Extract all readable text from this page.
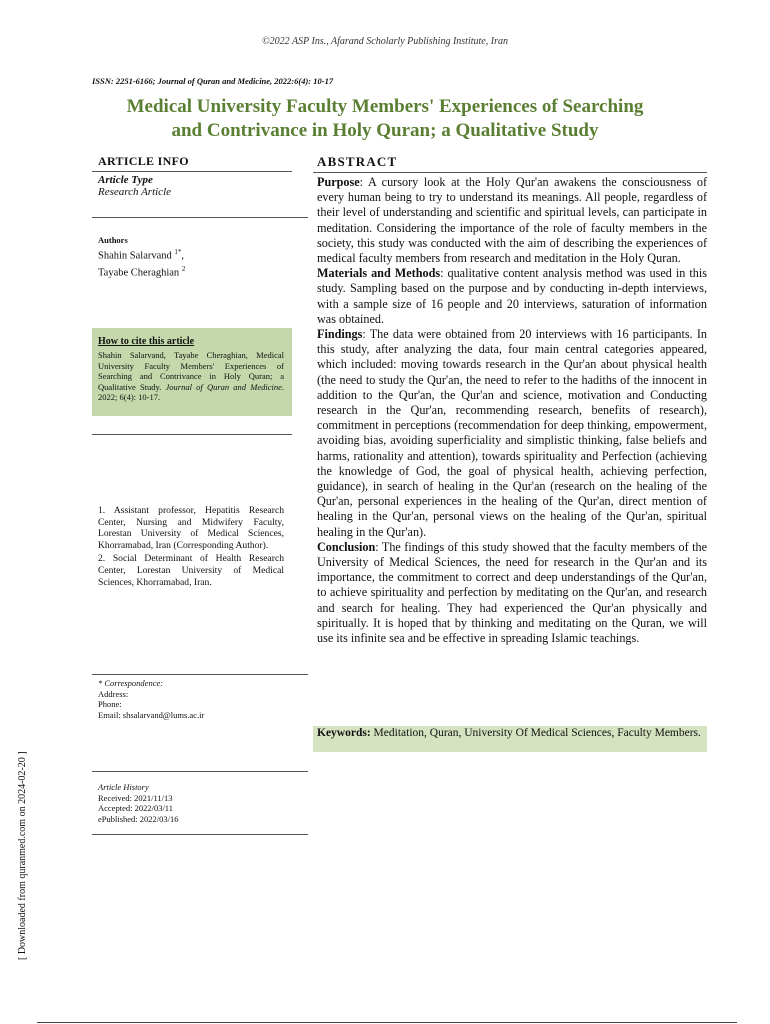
©2022 ASP Ins., Afarand Scholarly Publishing Institute, Iran
ISSN: 2251-6166; Journal of Quran and Medicine, 2022:6(4): 10-17
Medical University Faculty Members' Experiences of Searching
and Contrivance in Holy Quran; a Qualitative Study
ARTICLE INFO
Article Type
Research Article
Authors
Shahin Salarvand $^{1*}$,
Tayabe Cheraghian $^2$
How to cite this article
Shahin Salarvand, Tayabe Cheraghian, Medical University Faculty Members' Experiences of Searching and Contrivance in Holy Quran; a Qualitative Study. Journal of Quran and Medicine. 2022; 6(4): 10-17.
1. Assistant professor, Hepatitis Research Center, Nursing and Midwifery Faculty, Lorestan University of Medical Sciences, Khorramabad, Iran (Corresponding Author).
2. Social Determinant of Health Research Center, Lorestan University of Medical Sciences, Khorramabad, Iran.
* Correspondence:
Address:
Phone:
Email: shsalarvand@lums.ac.ir
Article History
Received: 2021/11/13
Accepted: 2022/03/11
ePublished: 2022/03/16
ABSTRACT

Purpose: A cursory look at the Holy Qur'an awakens the consciousness of every human being to try to understand its meanings. All people, regardless of their level of understanding and scientific and spiritual levels, can participate in meditation. Considering the importance of the role of faculty members in the society, this study was conducted with the aim of describing the experiences of medical faculty members from research and meditation in the Holy Quran.

Materials and Methods: qualitative content analysis method was used in this study. Sampling based on the purpose and by conducting in-depth interviews, with a sample size of 16 people and 20 interviews, saturation of information was obtained.

Findings: The data were obtained from 20 interviews with 16 participants. In this study, after analyzing the data, four main central categories appeared, which included: moving towards research in the Qur'an about physical health (the need to study the Qur'an, the need to refer to the hadiths of the innocent in addition to the Qur'an, the Qur'an and science, motivation and Conducting research in the Qur'an, recommending research, benefits of research), commitment in perceptions (recommendation for deep thinking, empowerment, avoiding bias, avoiding superficiality and simplistic thinking, false beliefs and harms, rationality and attention), towards spirituality and Perfection (achieving the knowledge of God, the goal of physical health, achieving perfection, guidance), in search of healing in the Qur'an (research on the healing of the Qur'an, personal experiences in the healing of the Qur'an, direct mention of healing in the Qur'an, personal views on the healing of the Qur'an, spiritual healing in the Qur'an).

Conclusion: The findings of this study showed that the faculty members of the University of Medical Sciences, the need for research in the Qur'an and its importance, the commitment to correct and deep understandings of the Qur'an, to achieve spirituality and perfection by meditating on the Qur'an, and research and search for healing. They had experienced the Qur'an physically and spiritually. It is hoped that by thinking and meditating on the Quran, we will use its infinite sea and be effective in spreading Islamic teachings.

Keywords: Meditation, Quran, University Of Medical Sciences, Faculty Members.
[ Downloaded from quranmed.com on 2024-02-20 ]
